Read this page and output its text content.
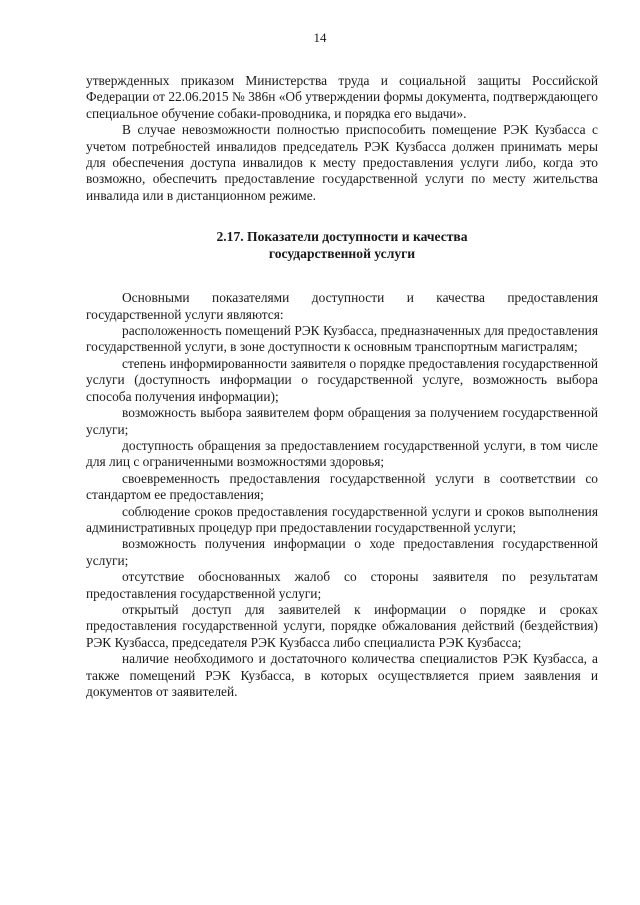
14

утвержденных приказом Министерства труда и социальной защиты Российской Федерации от 22.06.2015 № 386н «Об утверждении формы документа, подтверждающего специальное обучение собаки-проводника, и порядка его выдачи».

В случае невозможности полностью приспособить помещение РЭК Кузбасса с учетом потребностей инвалидов председатель РЭК Кузбасса должен принимать меры для обеспечения доступа инвалидов к месту предоставления услуги либо, когда это возможно, обеспечить предоставление государственной услуги по месту жительства инвалида или в дистанционном режиме.

2.17. Показатели доступности и качества
государственной услуги

Основными показателями доступности и качества предоставления государственной услуги являются:

расположенность помещений РЭК Кузбасса, предназначенных для предоставления государственной услуги, в зоне доступности к основным транспортным магистралям;

степень информированности заявителя о порядке предоставления государственной услуги (доступность информации о государственной услуге, возможность выбора способа получения информации);

возможность выбора заявителем форм обращения за получением государственной услуги;

доступность обращения за предоставлением государственной услуги, в том числе для лиц с ограниченными возможностями здоровья;

своевременность предоставления государственной услуги в соответствии со стандартом ее предоставления;

соблюдение сроков предоставления государственной услуги и сроков выполнения административных процедур при предоставлении государственной услуги;

возможность получения информации о ходе предоставления государственной услуги;

отсутствие обоснованных жалоб со стороны заявителя по результатам предоставления государственной услуги;

открытый доступ для заявителей к информации о порядке и сроках предоставления государственной услуги, порядке обжалования действий (бездействия) РЭК Кузбасса, председателя РЭК Кузбасса либо специалиста РЭК Кузбасса;

наличие необходимого и достаточного количества специалистов РЭК Кузбасса, а также помещений РЭК Кузбасса, в которых осуществляется прием заявления и документов от заявителей.
